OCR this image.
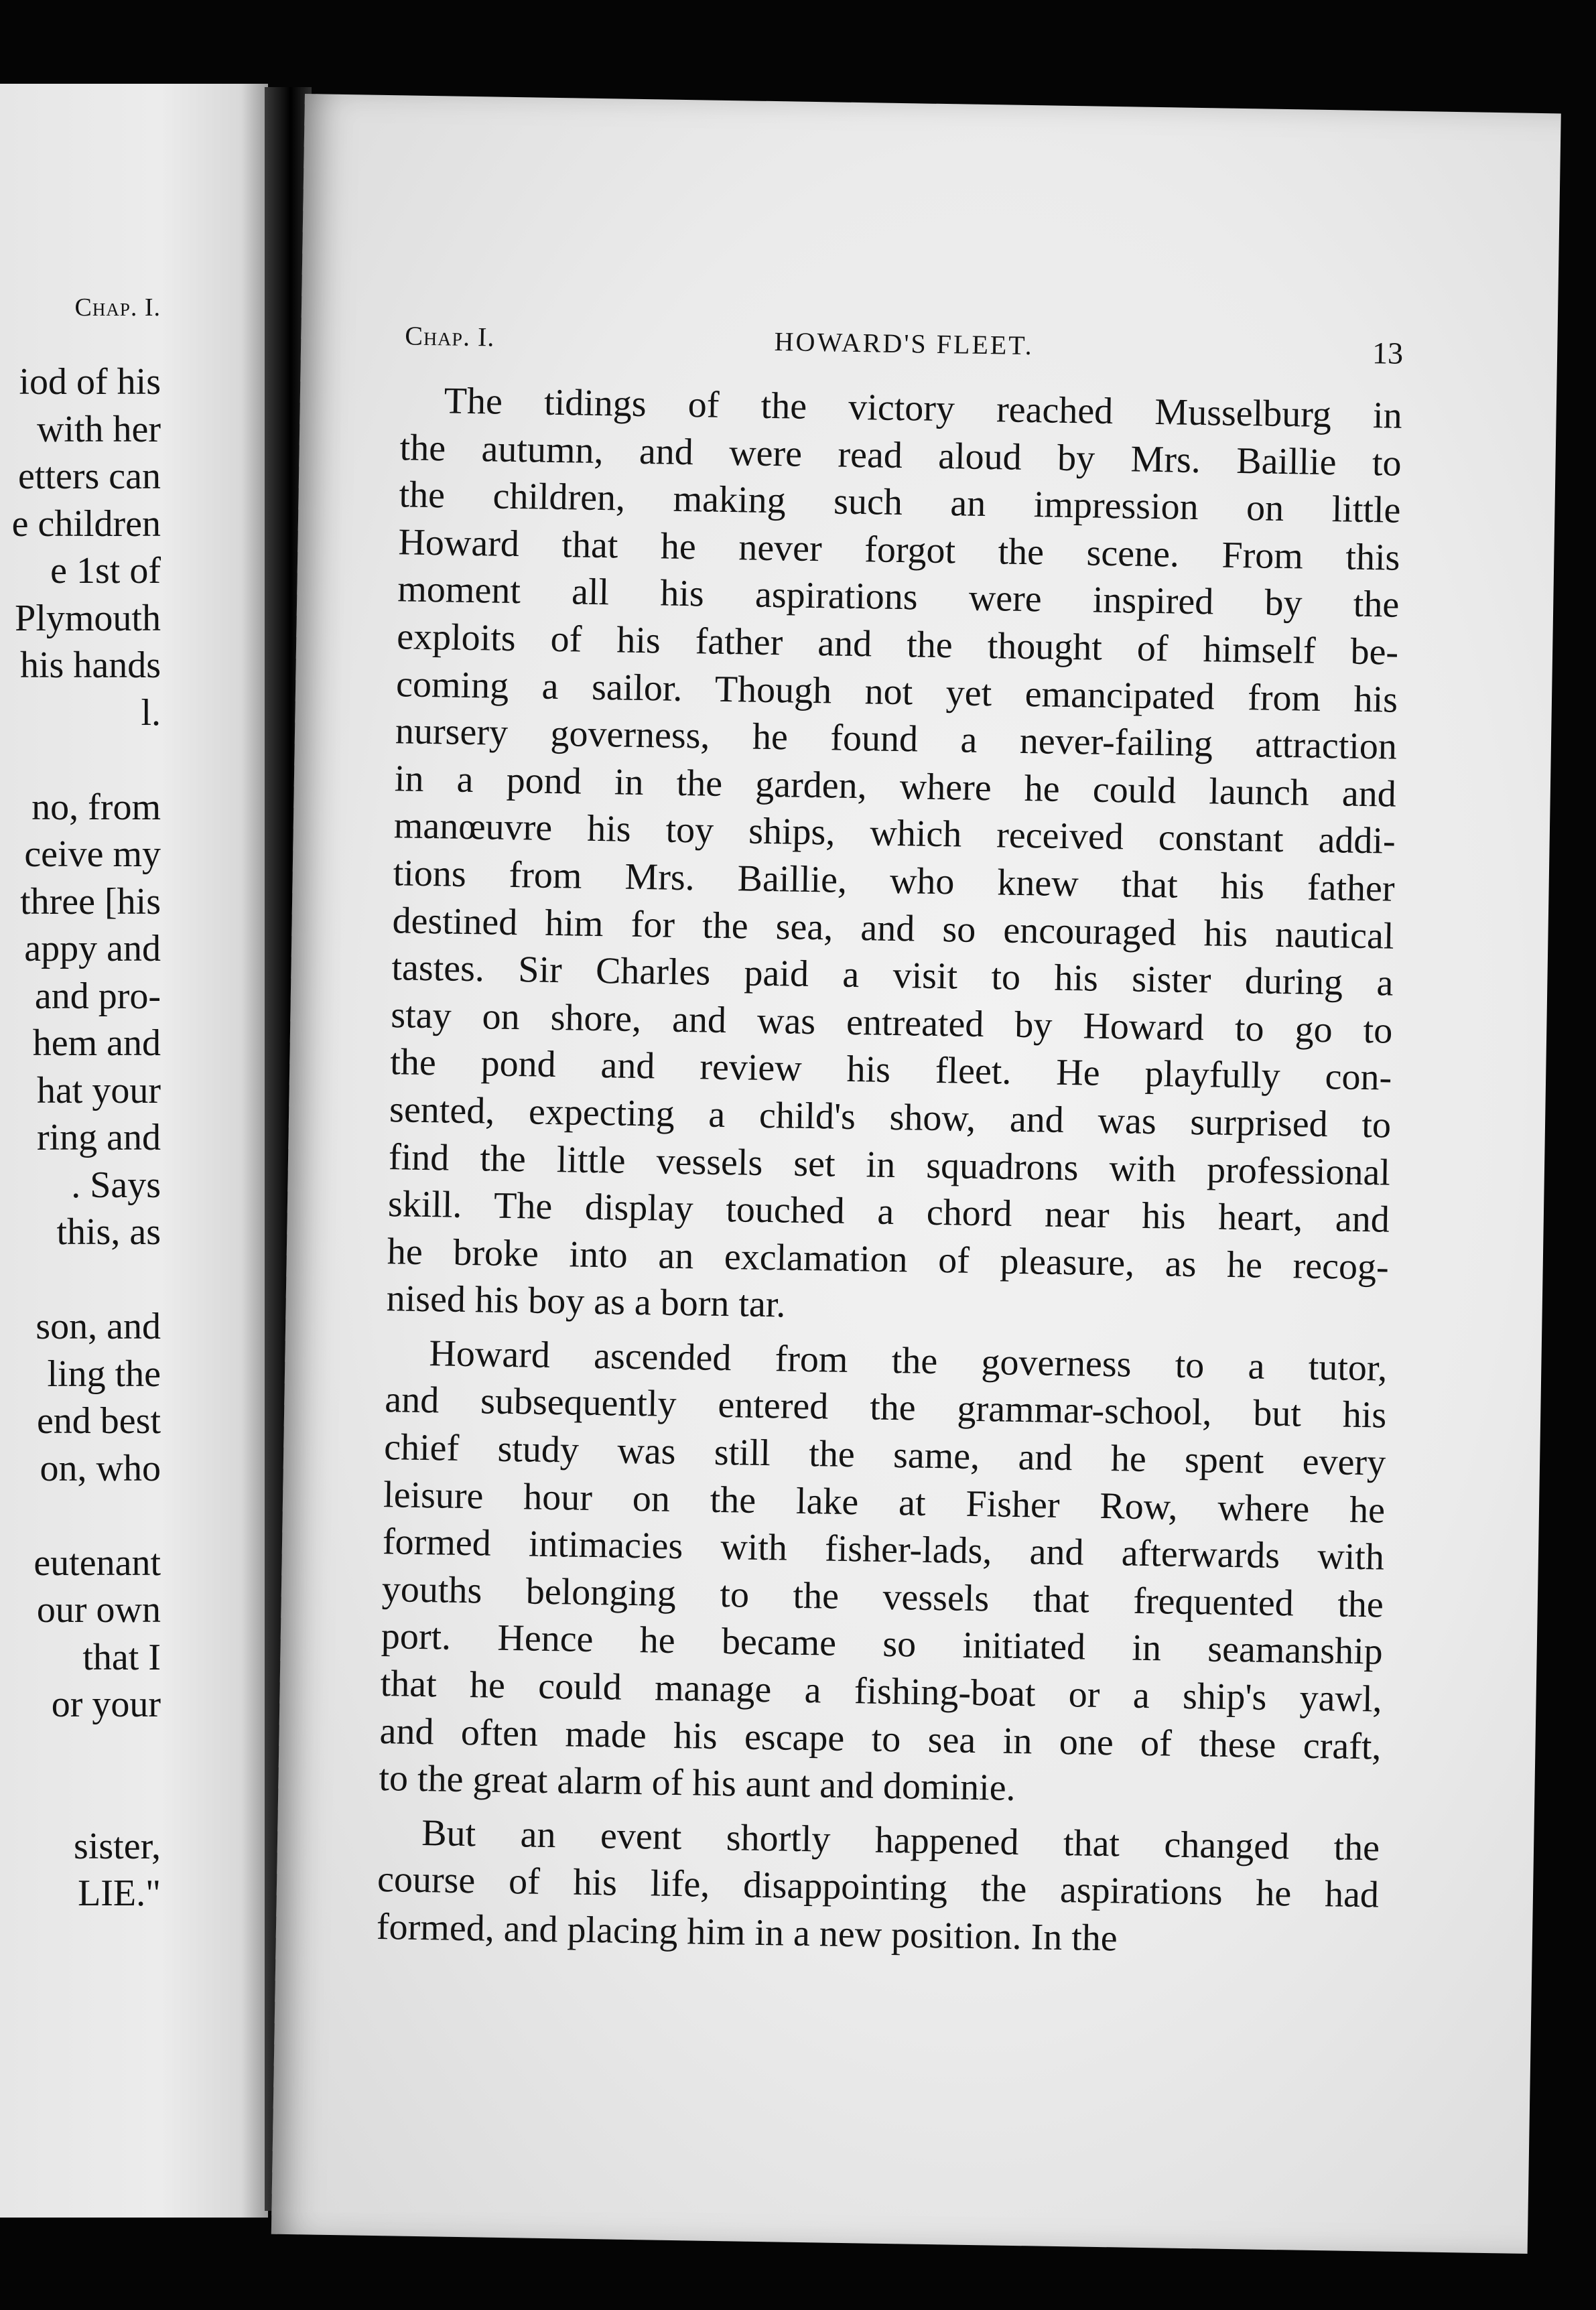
Chap. I.
iod of his
with her
etters can
e children
e 1st of
Plymouth
his hands
l.
no, from
ceive my
three [his
appy and
and pro-
hem and
hat your
ring and
. Says
this, as
son, and
ling the
end best
on, who
eutenant
our own
that I
or your
sister,
LIE."
Chap. I.	HOWARD'S FLEET.	13
The tidings of the victory reached Musselburg in
the autumn, and were read aloud by Mrs. Baillie to
the children, making such an impression on little
Howard that he never forgot the scene. From this
moment all his aspirations were inspired by the
exploits of his father and the thought of himself be-
coming a sailor. Though not yet emancipated from his
nursery governess, he found a never-failing attraction
in a pond in the garden, where he could launch and
manœuvre his toy ships, which received constant addi-
tions from Mrs. Baillie, who knew that his father
destined him for the sea, and so encouraged his nautical
tastes. Sir Charles paid a visit to his sister during a
stay on shore, and was entreated by Howard to go to
the pond and review his fleet. He playfully con-
sented, expecting a child's show, and was surprised to
find the little vessels set in squadrons with professional
skill. The display touched a chord near his heart, and
he broke into an exclamation of pleasure, as he recog-
nised his boy as a born tar.
Howard ascended from the governess to a tutor,
and subsequently entered the grammar-school, but his
chief study was still the same, and he spent every
leisure hour on the lake at Fisher Row, where he
formed intimacies with fisher-lads, and afterwards with
youths belonging to the vessels that frequented the
port. Hence he became so initiated in seamanship
that he could manage a fishing-boat or a ship's yawl,
and often made his escape to sea in one of these craft,
to the great alarm of his aunt and dominie.
But an event shortly happened that changed the
course of his life, disappointing the aspirations he had
formed, and placing him in a new position. In the
